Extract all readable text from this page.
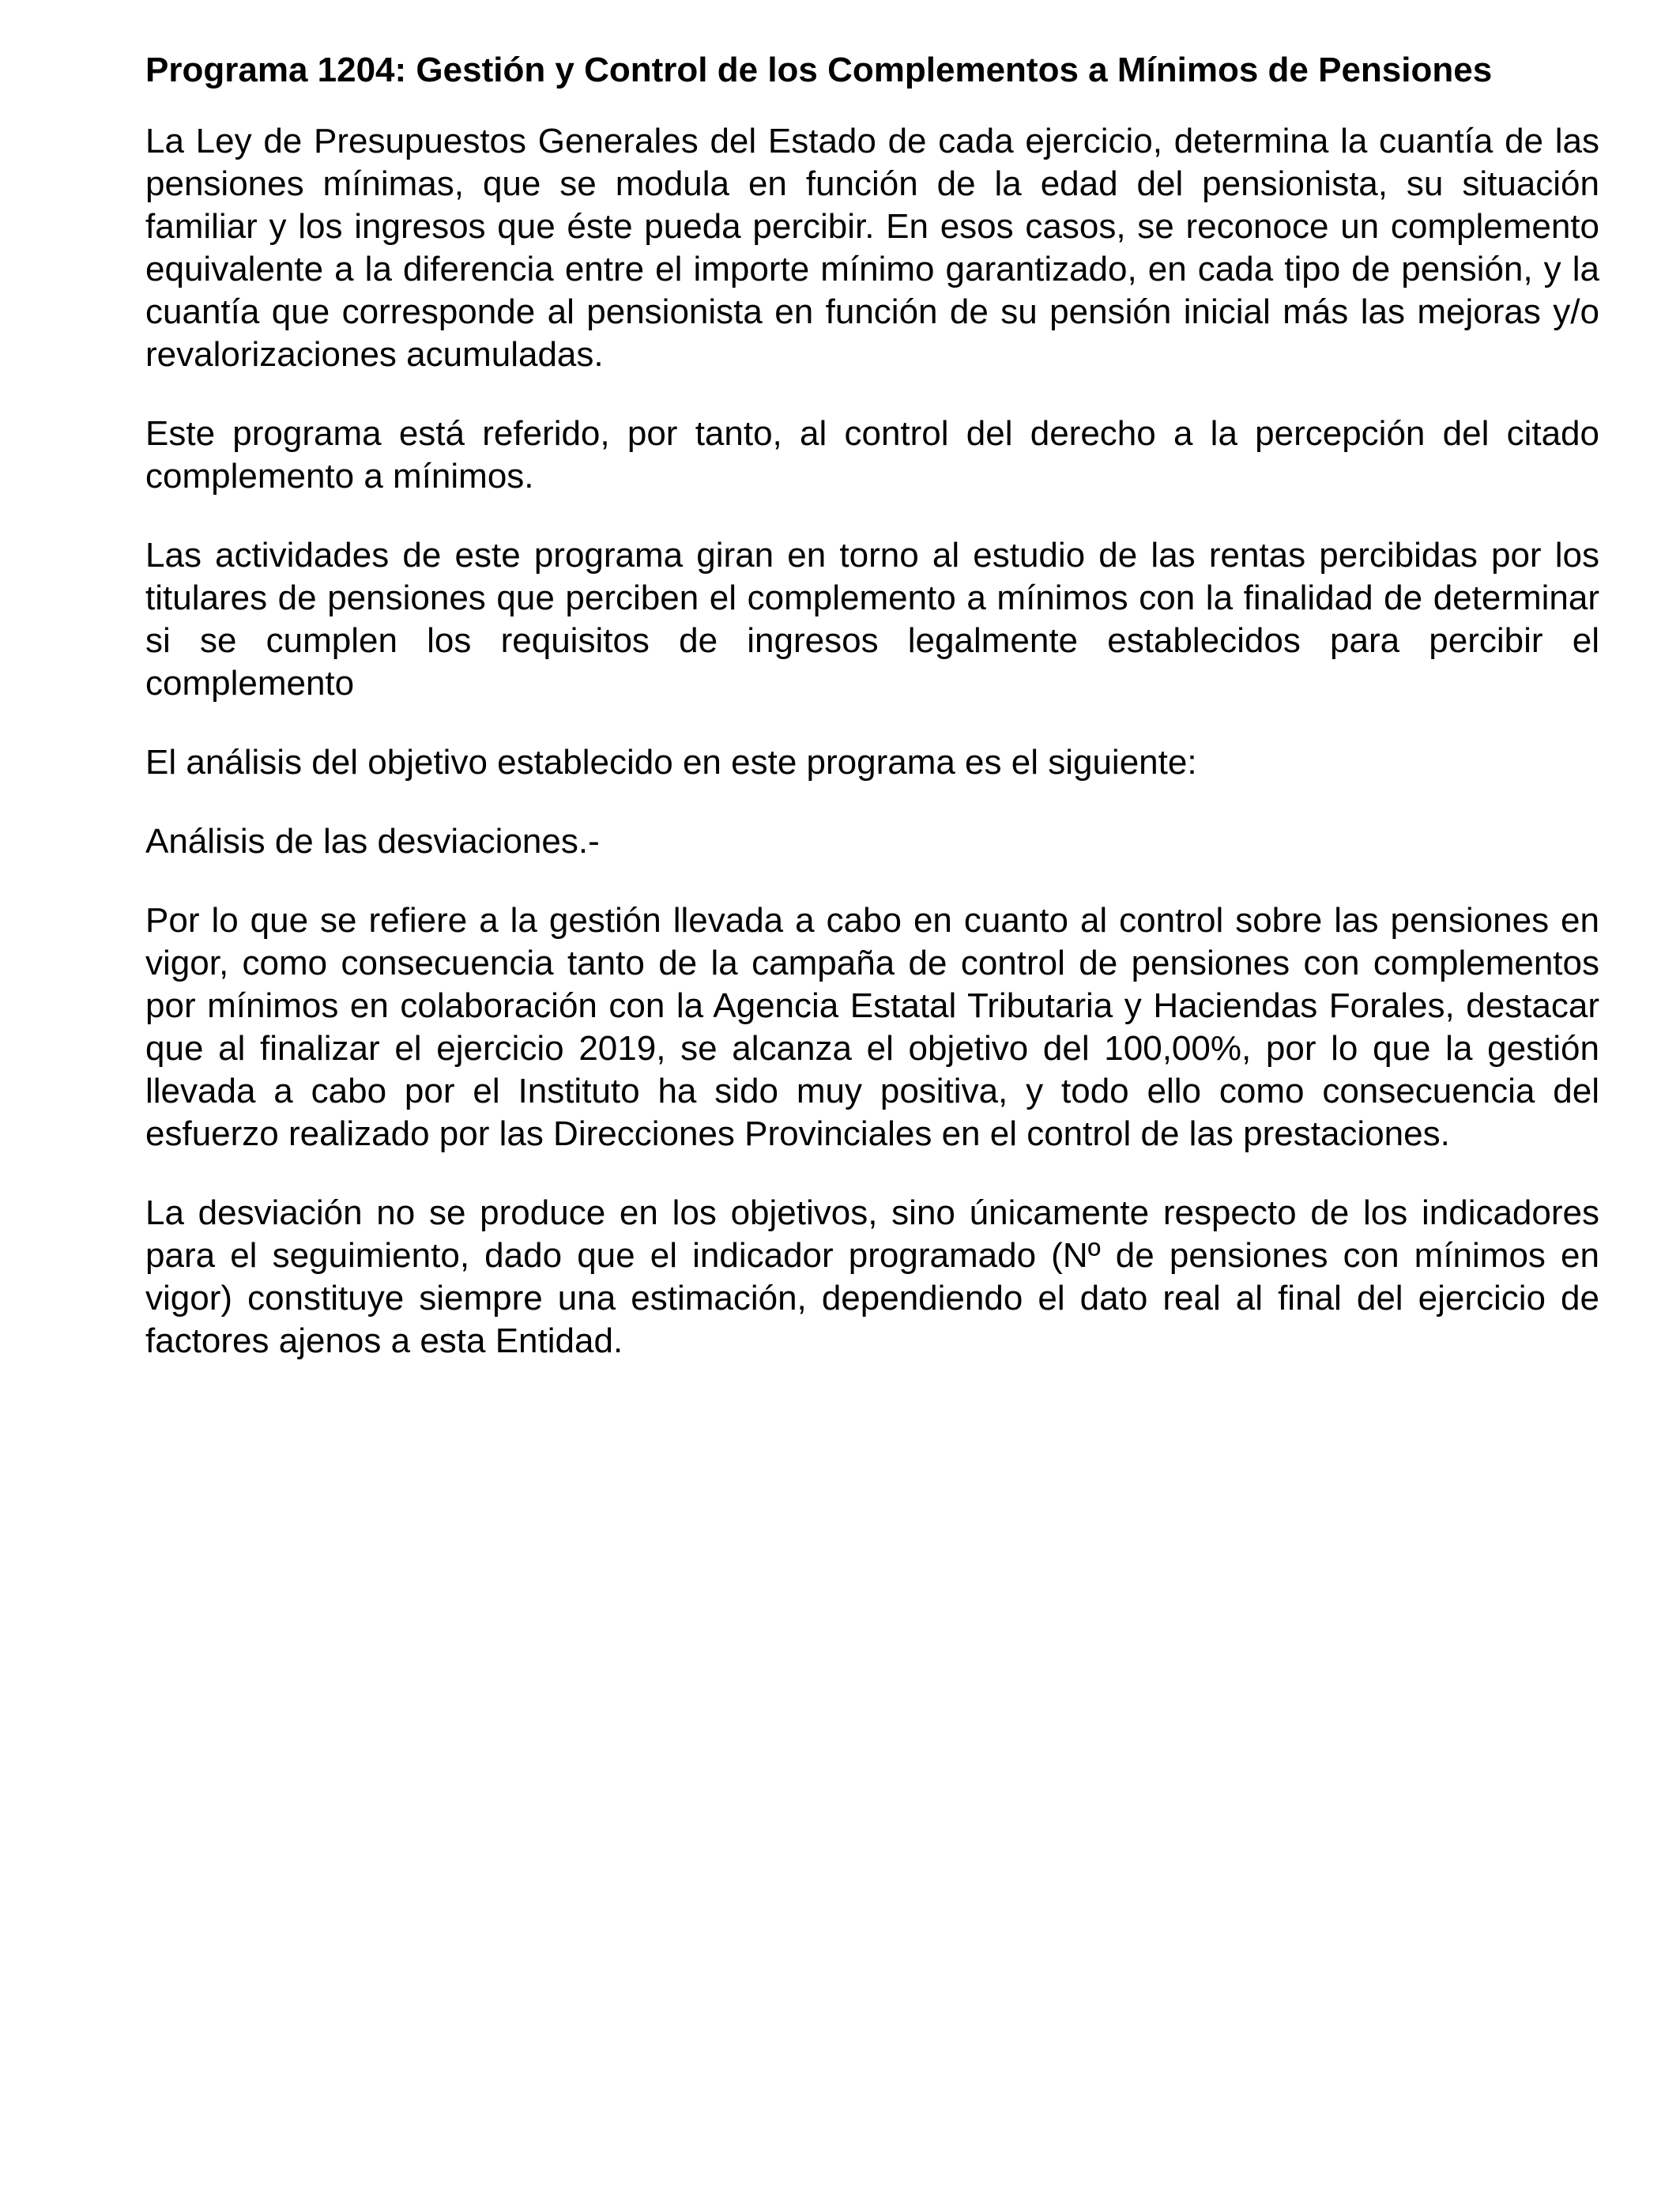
Programa 1204: Gestión y Control de los Complementos a Mínimos de Pensiones

La Ley de Presupuestos Generales del Estado de cada ejercicio, determina la cuantía de las pensiones mínimas, que se modula en función de la edad del pensionista, su situación familiar y los ingresos que éste pueda percibir. En esos casos, se reconoce un complemento equivalente a la diferencia entre el importe mínimo garantizado, en cada tipo de pensión, y la cuantía que corresponde al pensionista en función de su pensión inicial más las mejoras y/o revalorizaciones acumuladas.

Este programa está referido, por tanto, al control del derecho a la percepción del citado complemento a mínimos.

Las actividades de este programa giran en torno al estudio de las rentas percibidas por los titulares de pensiones que perciben el complemento a mínimos con la finalidad de determinar si se cumplen los requisitos de ingresos legalmente establecidos para percibir el complemento

El análisis del objetivo establecido en este programa es el siguiente:

Análisis de las desviaciones.-

Por lo que se refiere a la gestión llevada a cabo en cuanto al control sobre las pensiones en vigor, como consecuencia tanto de la campaña de control de pensiones con complementos por mínimos en colaboración con la Agencia Estatal Tributaria y Haciendas Forales, destacar que al finalizar el ejercicio 2019, se alcanza el objetivo del 100,00%, por lo que la gestión llevada a cabo por el Instituto ha sido muy positiva, y todo ello como consecuencia del esfuerzo realizado por las Direcciones Provinciales en el control de las prestaciones.

La desviación no se produce en los objetivos, sino únicamente respecto de los indicadores para el seguimiento, dado que el indicador programado (Nº de pensiones con mínimos en vigor) constituye siempre una estimación, dependiendo el dato real al final del ejercicio de factores ajenos a esta Entidad.
